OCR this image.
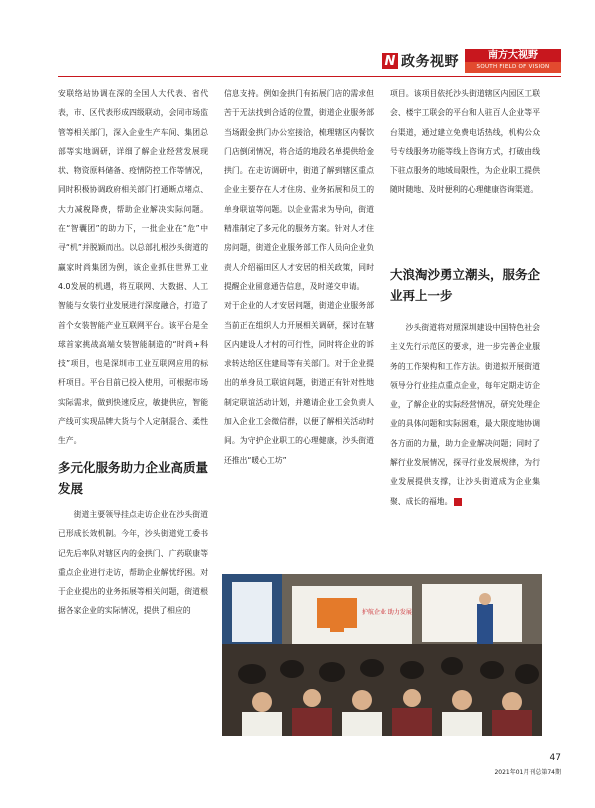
N 政务视野	南方大视野
SOUTH FIELD OF VISION

安联络站协调在深的全国人大代表、省代表，市、区代表形成四级联动，会同市场监管等相关部门，深入企业生产车间、集团总部等实地调研，详细了解企业经营发展现状、物资原料储备、疫情防控工作等情况，同时积极协调政府相关部门打通断点堵点、大力减税降费，帮助企业解决实际问题。在“智囊团”的助力下，一批企业在“危”中寻“机”并脱颖而出。以总部扎根沙头街道的赢家时尚集团为例，该企业抓住世界工业4.0发展的机遇，将互联网、大数据、人工智能与女装行业发展进行深度融合，打造了首个女装智能产业互联网平台。该平台是全球首家挑战高端女装智能制造的“时尚+科技”项目，也是深圳市工业互联网应用的标杆项目。平台目前已投入使用，可根据市场实际需求，做到快速反应，敏捷供应，智能产线可实现品牌大货与个人定制混合、柔性生产。

多元化服务助力企业高质量发展

街道主要领导挂点走访企业在沙头街道已形成长效机制。今年，沙头街道党工委书记先后率队对辖区内的金拱门、广药联康等重点企业进行走访，帮助企业解忧纾困。对于企业提出的业务拓展等相关问题，街道根据各家企业的实际情况，提供了相应的

信息支持。例如金拱门有拓展门店的需求但苦于无法找到合适的位置，街道企业服务部当场跟金拱门办公室接洽，梳理辖区内餐饮门店倒闭情况，将合适的地段名单提供给金拱门。在走访调研中，街道了解到辖区重点企业主要存在人才住房、业务拓展和员工的单身联谊等问题。以企业需求为导向，街道精准制定了多元化的服务方案。针对人才住房问题，街道企业服务部工作人员向企业负责人介绍福田区人才安居的相关政策，同时提醒企业留意通告信息，及时递交申请。

对于企业的人才安居问题，街道企业服务部当前正在组织人力开展相关调研，探讨在辖区内建设人才村的可行性，同时将企业的诉求转达给区住建局等有关部门。对于企业提出的单身员工联谊问题，街道正有针对性地制定联谊活动计划，并邀请企业工会负责人加入企业工会微信群，以便了解相关活动时间。为守护企业职工的心理健康，沙头街道还推出“暖心工坊”

项目。该项目依托沙头街道辖区内园区工联会、楼宇工联会的平台和人驻百人企业等平台渠道，通过建立免费电话热线，机构公众号专线服务功能等线上咨询方式，打破由线下驻点服务的地域局限性，为企业职工提供随时随地、及时便利的心理健康咨询渠道。

大浪淘沙勇立潮头，服务企业再上一步

沙头街道将对照深圳建设中国特色社会主义先行示范区的要求，进一步完善企业服务的工作架构和工作方法。街道拟开展街道领导分行业挂点重点企业，每年定期走访企业，了解企业的实际经营情况，研究处理企业的具体问题和实际困难，最大限度地协调各方面的力量，助力企业解决问题；同时了解行业发展情况，探寻行业发展规律，为行业发展提供支撑，让沙头街道成为企业集聚、成长的福地。	N

护航企业 助力发展
47
2021年01月刊总第74期
